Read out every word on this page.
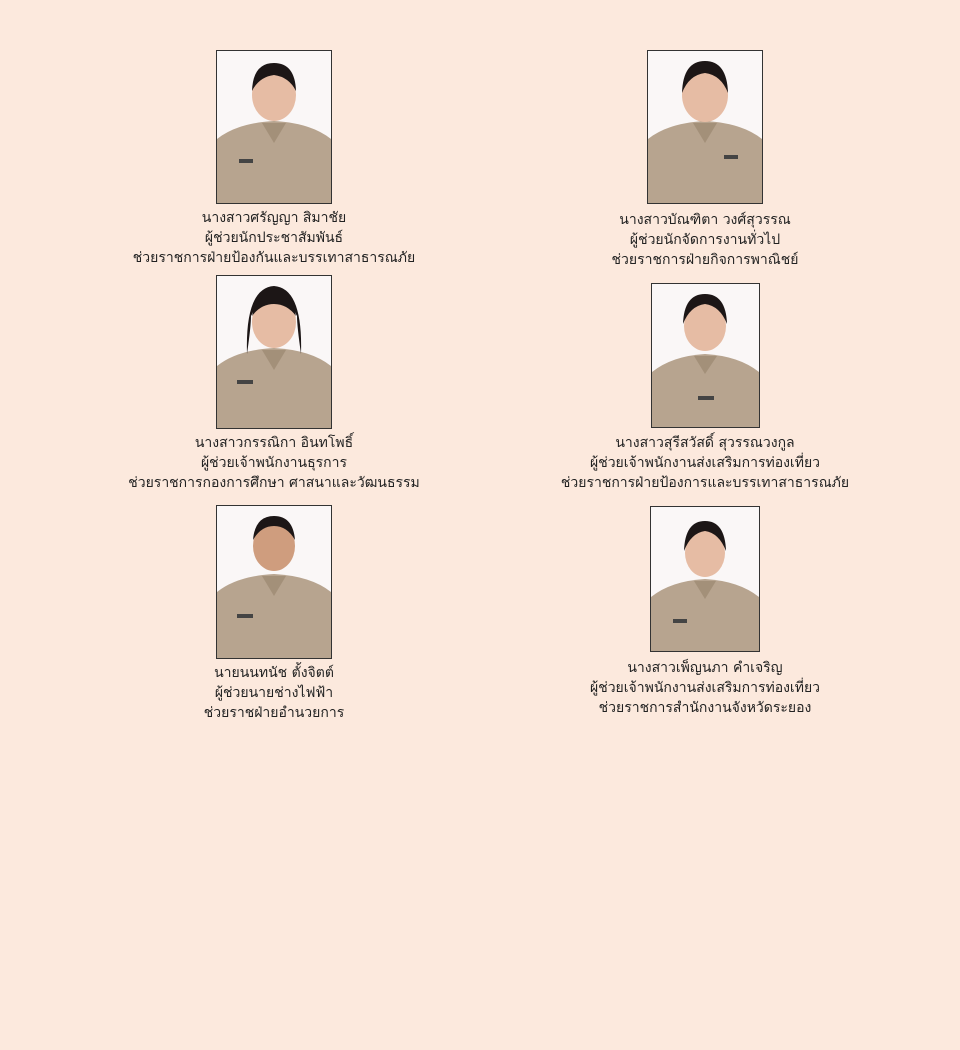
นางสาวศรัญญา สิมาชัย
ผู้ช่วยนักประชาสัมพันธ์
ช่วยราชการฝ่ายป้องกันและบรรเทาสาธารณภัย
นางสาวบัณฑิตา วงศ์สุวรรณ
ผู้ช่วยนักจัดการงานทั่วไป
ช่วยราชการฝ่ายกิจการพาณิชย์
นางสาวกรรณิกา อินทโพธิ์
ผู้ช่วยเจ้าพนักงานธุรการ
ช่วยราชการกองการศึกษา ศาสนาและวัฒนธรรม
นางสาวสุรีสวัสดิ์ สุวรรณวงกูล
ผู้ช่วยเจ้าพนักงานส่งเสริมการท่องเที่ยว
ช่วยราชการฝ่ายป้องการและบรรเทาสาธารณภัย
นายนนทนัช ตั้งจิตต์
ผู้ช่วยนายช่างไฟฟ้า
ช่วยราชฝ่ายอำนวยการ
นางสาวเพ็ญนภา คำเจริญ
ผู้ช่วยเจ้าพนักงานส่งเสริมการท่องเที่ยว
ช่วยราชการสำนักงานจังหวัดระยอง
